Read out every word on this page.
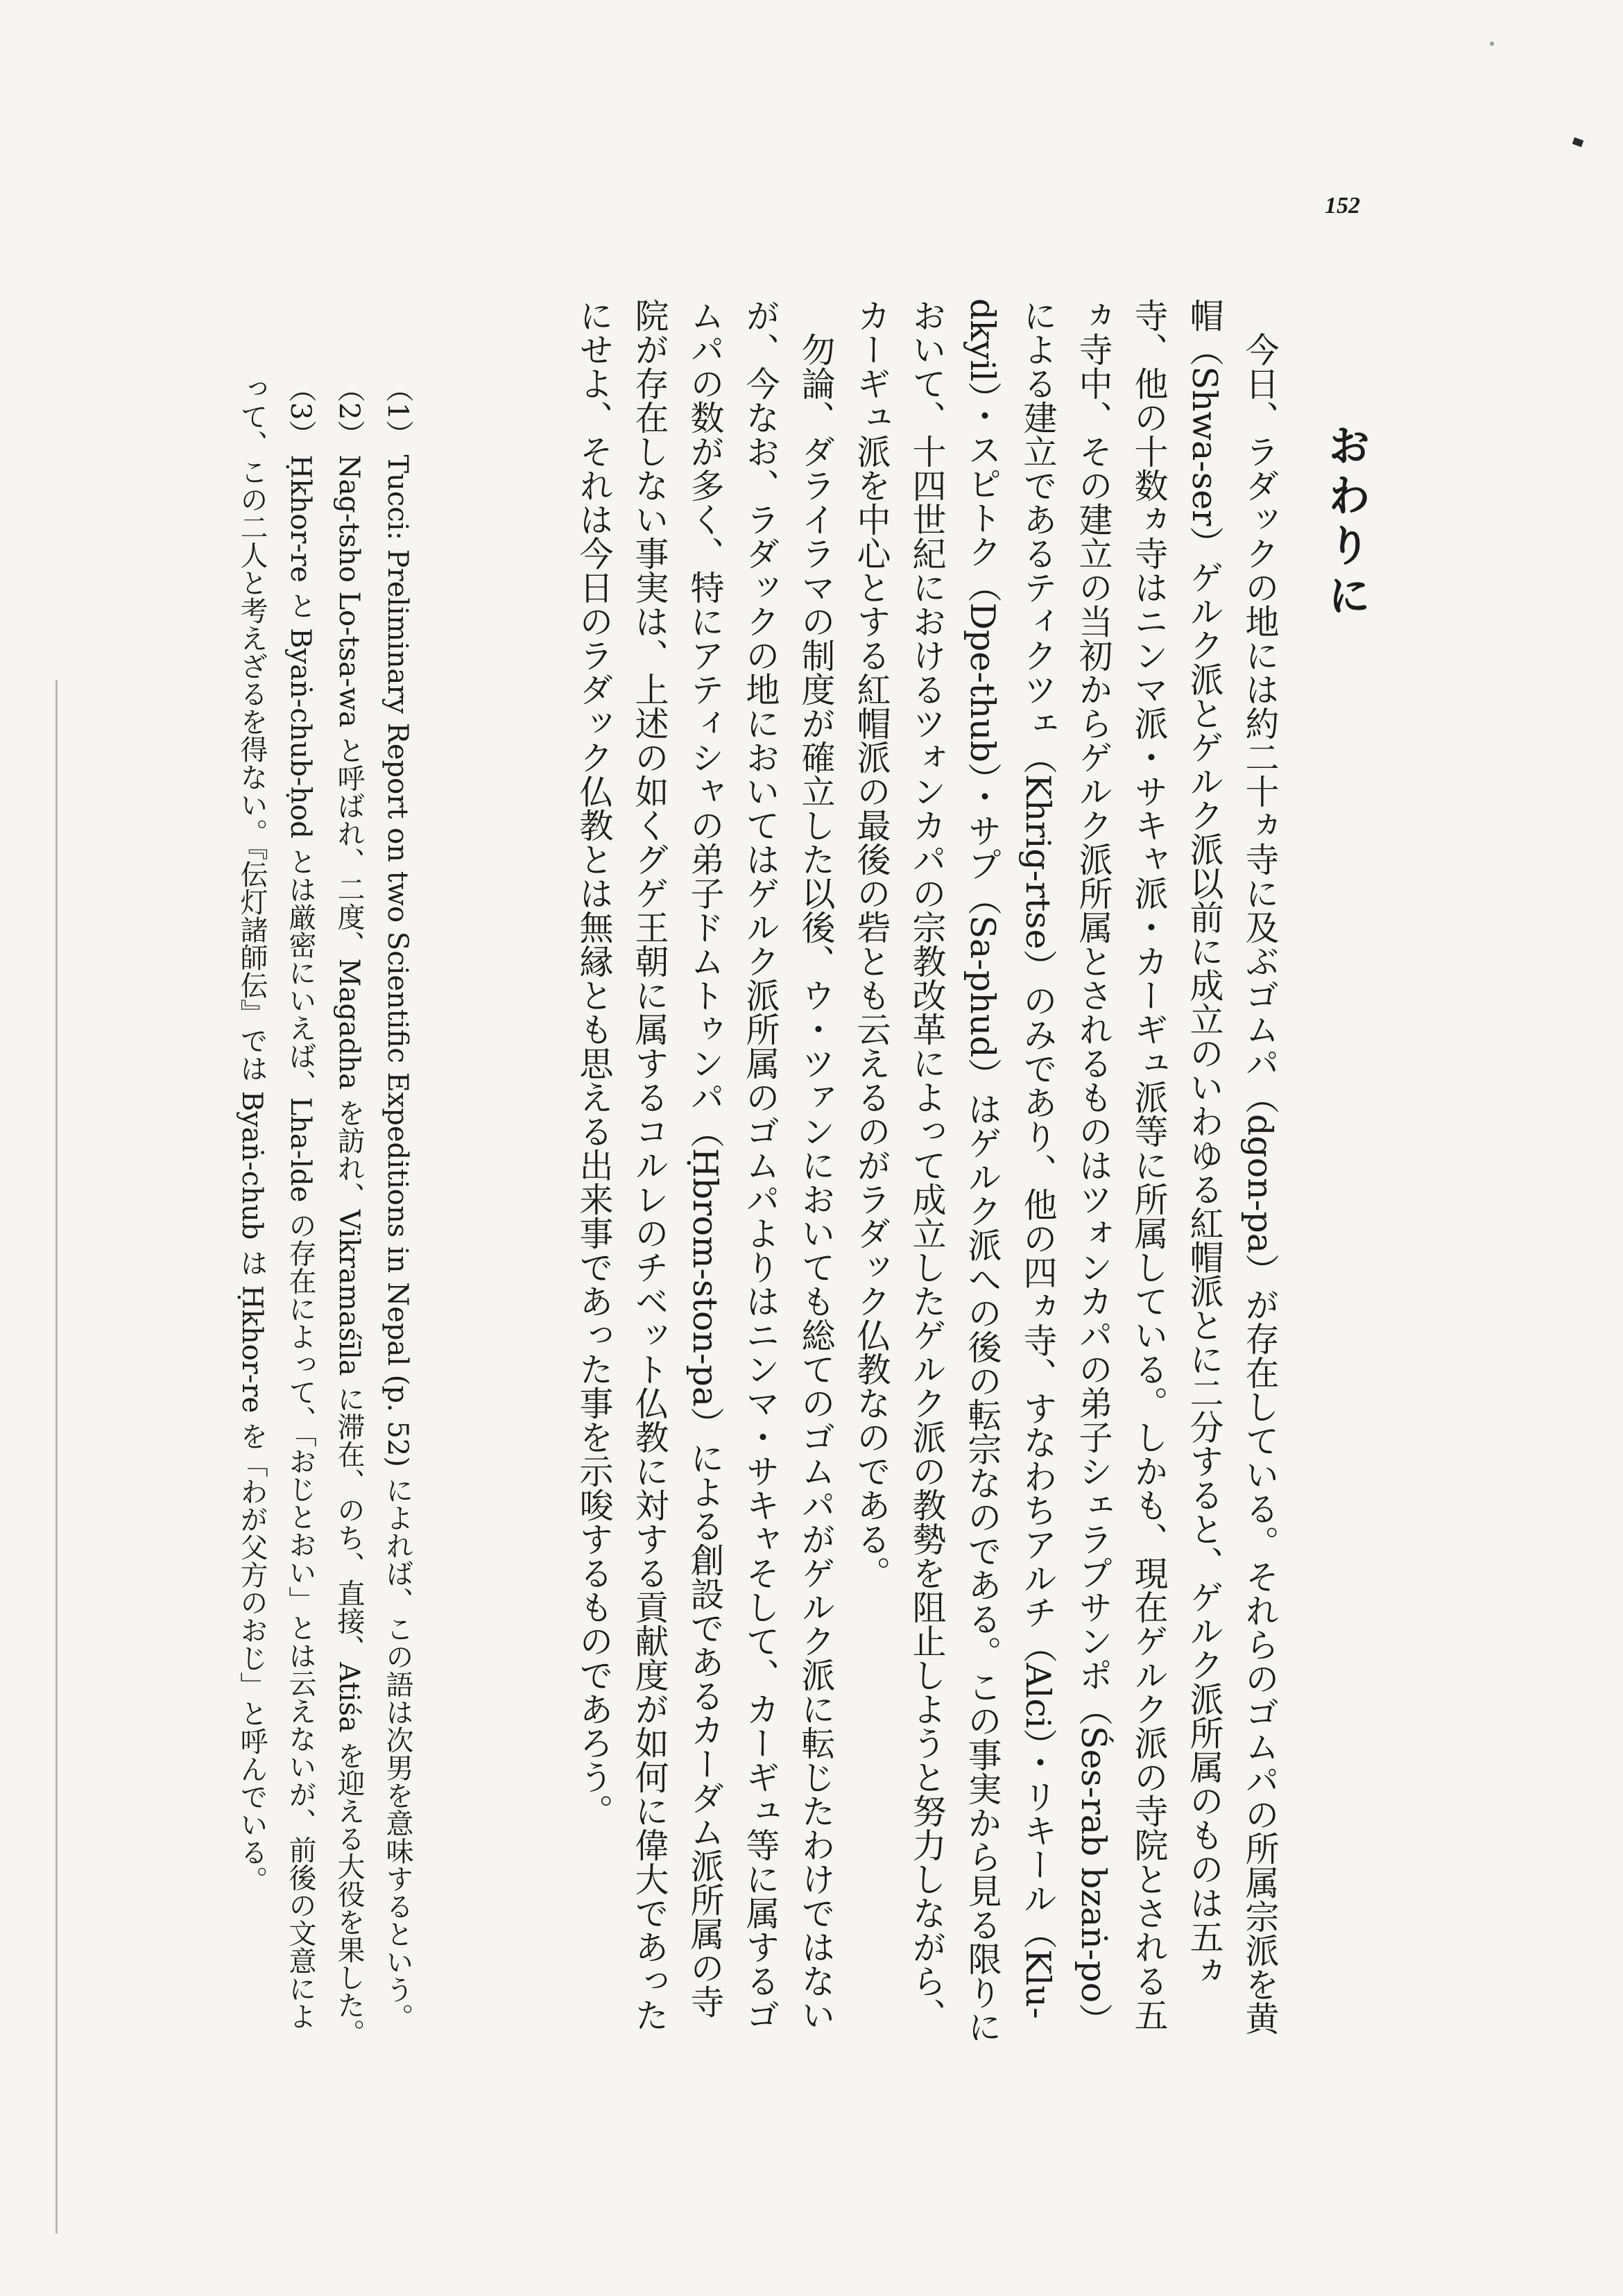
152
おわりに

今日、ラダックの地には約二十ヵ寺に及ぶゴムパ（dgon-pa）が存在している。それらのゴムパの所属宗派を黄帽（Shwa-ser）ゲルク派とゲルク派以前に成立のいわゆる紅帽派とに二分すると、ゲルク派所属のものは五ヵ寺、他の十数ヵ寺はニンマ派・サキャ派・カーギュ派等に所属している。しかも、現在ゲルク派の寺院とされる五ヵ寺中、その建立の当初からゲルク派所属とされるものはツォンカパの弟子シェラプサンポ（Śes-rab bzaṅ-po）による建立であるティクツェ（Khrig-rtse）のみであり、他の四ヵ寺、すなわちアルチ（Alci）・リキール（Klu-dkyil）・スピトク（Dpe-thub）・サプ（Sa-phud）はゲルク派への後の転宗なのである。この事実から見る限りにおいて、十四世紀におけるツォンカパの宗教改革によって成立したゲルク派の教勢を阻止しようと努力しながら、カーギュ派を中心とする紅帽派の最後の砦とも云えるのがラダック仏教なのである。

勿論、ダライラマの制度が確立した以後、ウ・ツァンにおいても総てのゴムパがゲルク派に転じたわけではないが、今なお、ラダックの地においてはゲルク派所属のゴムパよりはニンマ・サキャそして、カーギュ等に属するゴムパの数が多く、特にアティシャの弟子ドムトゥンパ（Ḥbrom-ston-pa）による創設であるカーダム派所属の寺院が存在しない事実は、上述の如くグゲ王朝に属するコルレのチベット仏教に対する貢献度が如何に偉大であったにせよ、それは今日のラダック仏教とは無縁とも思える出来事であった事を示唆するものであろう。

（1）Tucci: Preliminary Report on two Scientific Expeditions in Nepal (p. 52) によれば、この語は次男を意味するという。

（2）Nag-tsho Lo-tsa-wa と呼ばれ、二度、Magadha を訪れ、Vikramaśīla に滞在、のち、直接、Atiśa を迎える大役を果した。

（3）Ḥkhor-re と Byaṅ-chub-ḥod とは厳密にいえば、Lha-lde の存在によって、「おじとおい」とは云えないが、前後の文意によって、この二人と考えざるを得ない。『伝灯諸師伝』では Byaṅ-chub は Ḥkhor-re を「わが父方のおじ」と呼んでいる。
